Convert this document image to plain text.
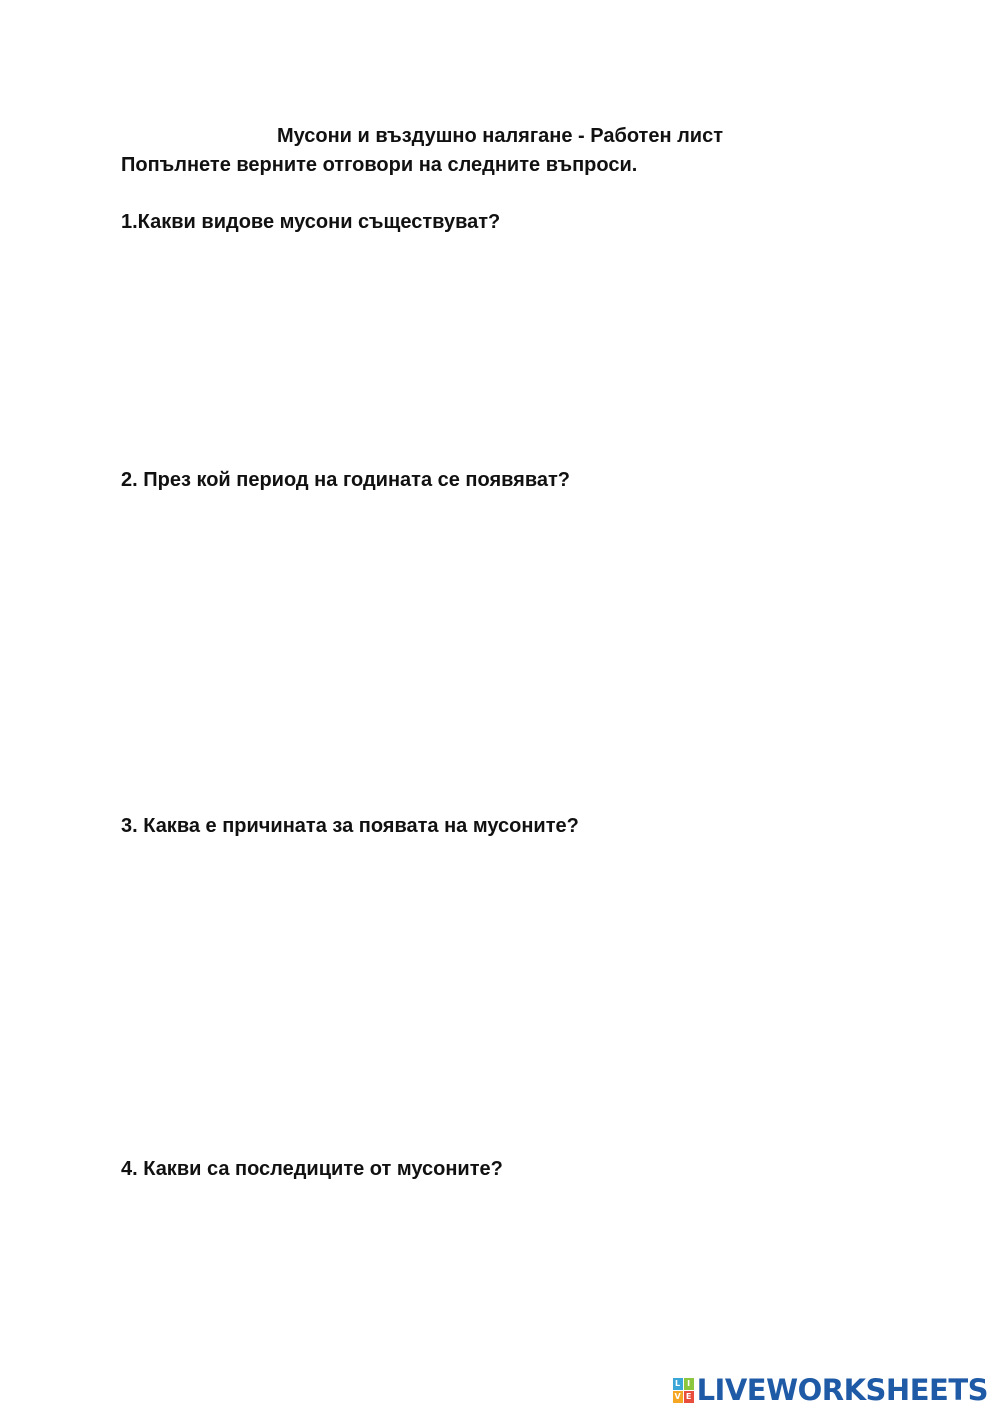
Мусони и въздушно налягане - Работен лист
Попълнете верните отговори на следните въпроси.
1.Какви видове мусони съществуват?
2. През кой период на годината се появяват?
3. Каква е причината за появата на мусоните?
4. Какви са последиците от мусоните?
L I
V E LIVEWORKSHEETS
